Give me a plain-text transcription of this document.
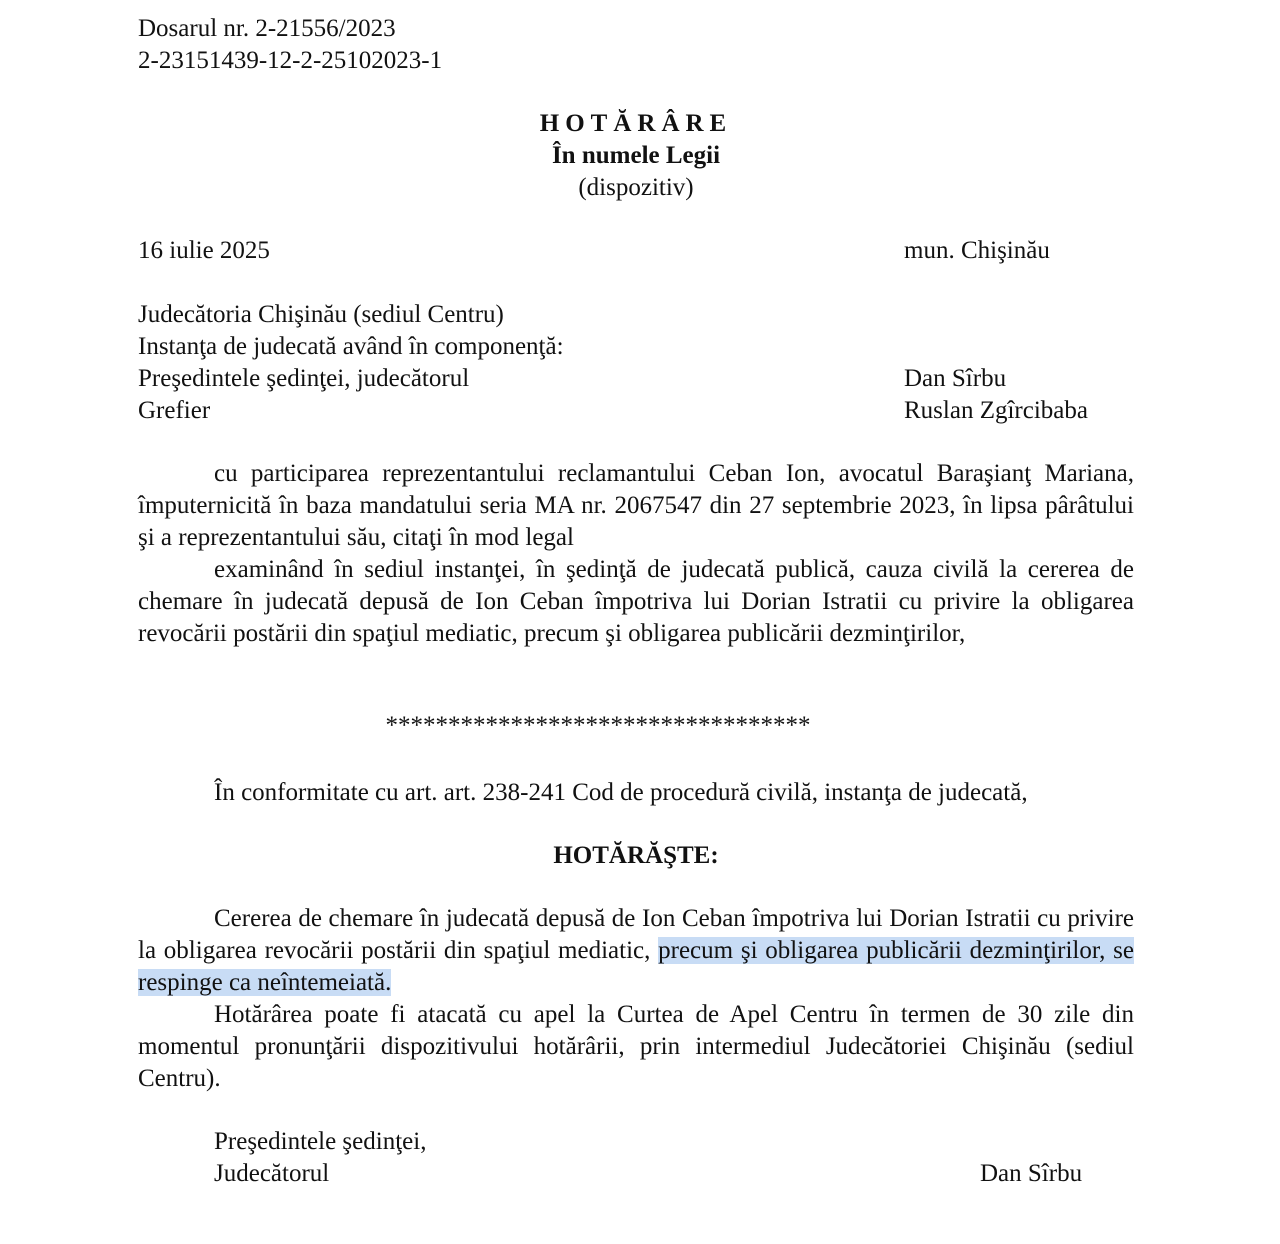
Dosarul nr. 2-21556/2023
2-23151439-12-2-25102023-1
HOTĂRÂRE
În numele Legii
(dispozitiv)
16 iulie 2025	mun. Chişinău
Judecătoria Chişinău (sediul Centru)
Instanţa de judecată având în componenţă:
Preşedintele şedinţei, judecătorul	Dan Sîrbu
Grefier	Ruslan Zgîrcibaba

cu participarea reprezentantului reclamantului Ceban Ion, avocatul Baraşianţ Mariana, împuternicită în baza mandatului seria MA nr. 2067547 din 27 septembrie 2023, în lipsa pârâtului şi a reprezentantului său, citaţi în mod legal

examinând în sediul instanţei, în şedinţă de judecată publică, cauza civilă la cererea de chemare în judecată depusă de Ion Ceban împotriva lui Dorian Istratii cu privire la obligarea revocării postării din spaţiul mediatic, precum şi obligarea publicării dezminţirilor,

**********************************
În conformitate cu art. art. 238-241 Cod de procedură civilă, instanţa de judecată,
HOTĂRĂŞTE:

Cererea de chemare în judecată depusă de Ion Ceban împotriva lui Dorian Istratii cu privire la obligarea revocării postării din spaţiul mediatic, precum şi obligarea publicării dezminţirilor, se respinge ca neîntemeiată.

Hotărârea poate fi atacată cu apel la Curtea de Apel Centru în termen de 30 zile din momentul pronunţării dispozitivului hotărârii, prin intermediul Judecătoriei Chişinău (sediul Centru).

Preşedintele şedinţei,
Judecătorul	Dan Sîrbu
